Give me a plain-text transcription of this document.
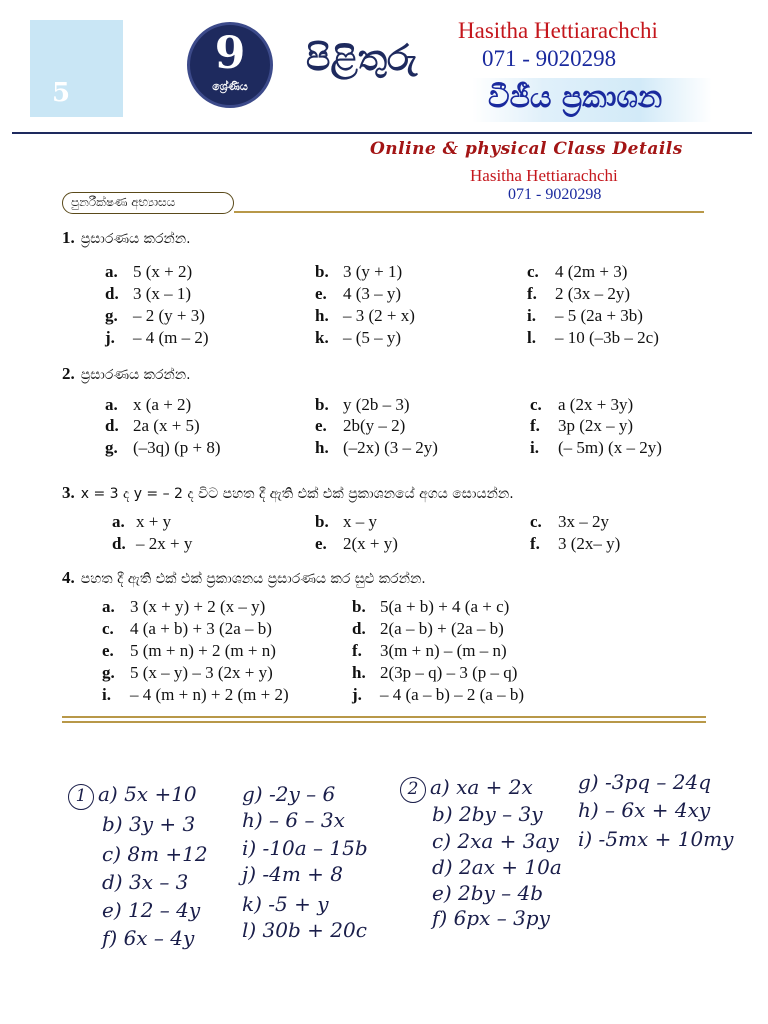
5
9
ශ්‍රේණිය
පිළිතුරු
Hasitha Hettiarachchi
071 - 9020298
වීජීය ප්‍රකාශන
Online & physical Class Details
Hasitha Hettiarachchi
071 - 9020298
පුනරීක්ෂණ අභ්‍යාසය
1. ප්‍රසාරණය කරන්න.
a. 5 (x + 2)	b. 3 (y + 1)	c. 4 (2m + 3)
d. 3 (x – 1)	e. 4 (3 – y)	f. 2 (3x – 2y)
g. – 2 (y + 3)	h. – 3 (2 + x)	i. – 5 (2a + 3b)
j. – 4 (m – 2)	k. – (5 – y)	l. – 10 (–3b – 2c)
2. ප්‍රසාරණය කරන්න.
a. x (a + 2)	b. y (2b – 3)	c. a (2x + 3y)
d. 2a (x + 5)	e. 2b(y – 2)	f. 3p (2x – y)
g. (–3q) (p + 8)	h. (–2x) (3 – 2y)	i. (– 5m) (x – 2y)
3. x = 3 ද y = – 2 ද විට පහත දී ඇති එක් එක් ප්‍රකාශනයේ අගය සොයන්න.
a. x + y	b. x – y	c. 3x – 2y
d. – 2x + y	e. 2(x + y)	f. 3 (2x– y)
4. පහත දී ඇති එක් එක් ප්‍රකාශනය ප්‍රසාරණය කර සුළු කරන්න.
a. 3 (x + y) + 2 (x – y)	b. 5(a + b) + 4 (a + c)
c. 4 (a + b) + 3 (2a – b)	d. 2(a – b) + (2a – b)
e. 5 (m + n) + 2 (m + n)	f. 3(m + n) – (m – n)
g. 5 (x – y) – 3 (2x + y)	h. 2(3p – q) – 3 (p – q)
i. – 4 (m + n) + 2 (m + 2)	j. – 4 (a – b) – 2 (a – b)
1 a) 5x +10
b) 3y + 3
c) 8m +12
d) 3x – 3
e) 12 – 4y
f) 6x – 4y
g) -2y – 6
h) – 6 – 3x
i) -10a – 15b
j) -4m + 8
k) -5 + y
l) 30b + 20c
2 a) xa + 2x
b) 2by – 3y
c) 2xa + 3ay
d) 2ax + 10a
e) 2by – 4b
f) 6px – 3py
g) -3pq – 24q
h) – 6x + 4xy
i) -5mx + 10my
